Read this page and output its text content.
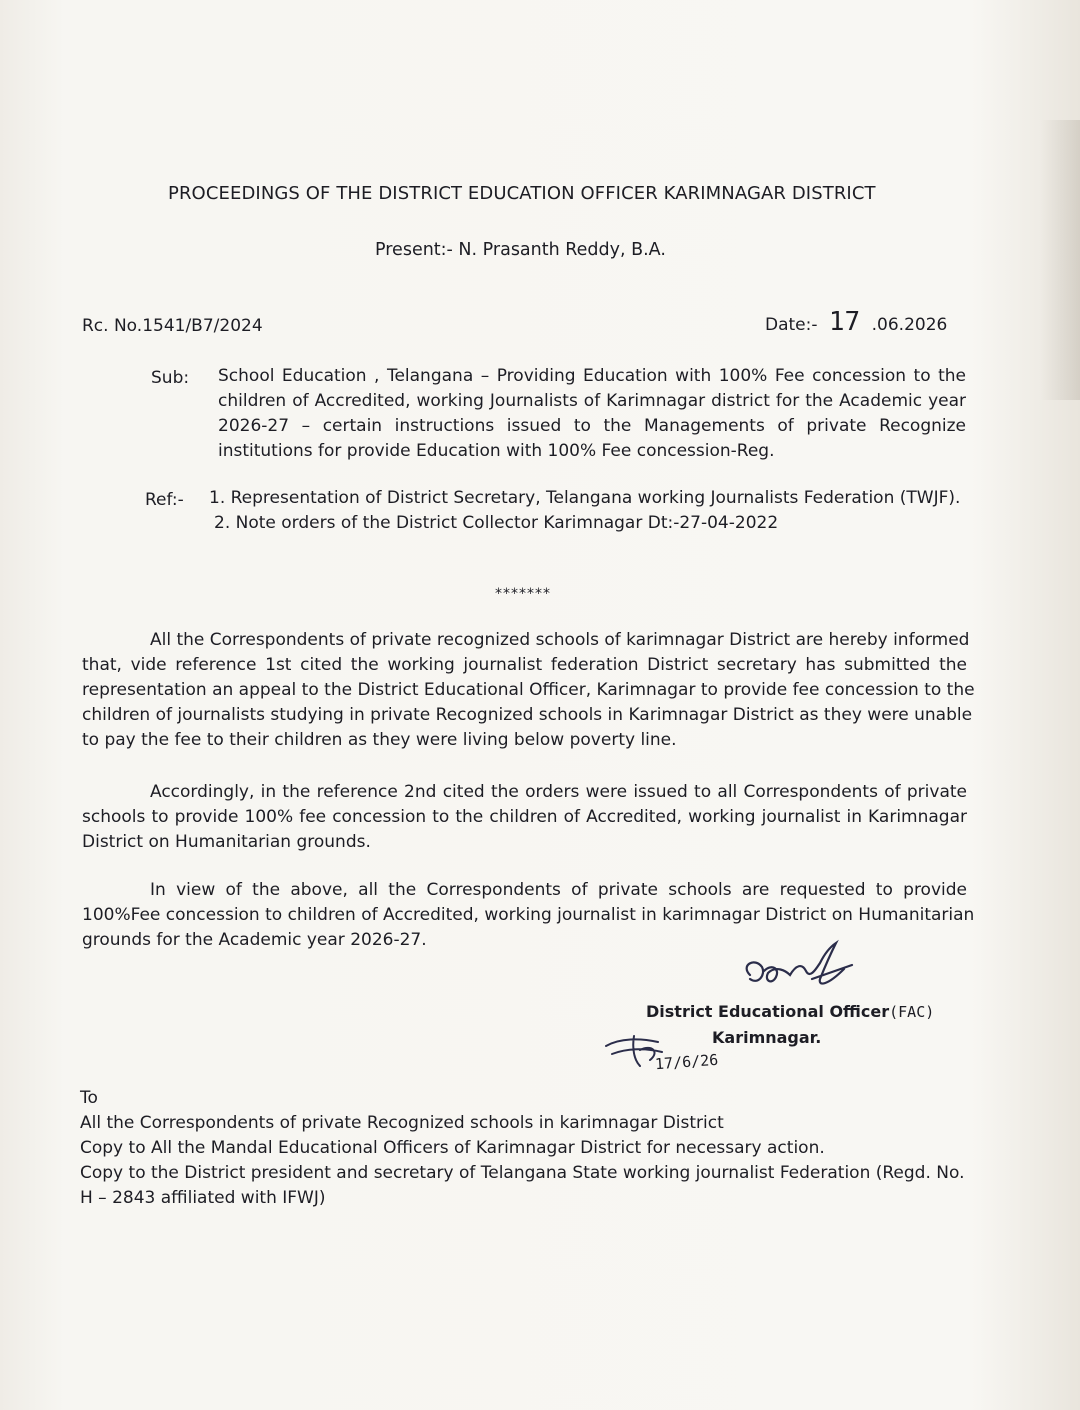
PROCEEDINGS OF THE DISTRICT EDUCATION OFFICER KARIMNAGAR DISTRICT
Present:- N. Prasanth Reddy, B.A.
Rc. No.1541/B7/2024	Date:- 17 .06.2026
Sub: School Education , Telangana – Providing Education with 100% Fee concession to the
children of Accredited, working Journalists of Karimnagar district for the Academic year
2026-27 – certain instructions issued to the Managements of private Recognize
institutions for provide Education with 100% Fee concession-Reg.
Ref:- 1. Representation of District Secretary, Telangana working Journalists Federation (TWJF).
2. Note orders of the District Collector Karimnagar Dt:-27-04-2022
*******
All the Correspondents of private recognized schools of karimnagar District are hereby informed
that, vide reference 1st cited the working journalist federation District secretary has submitted the
representation an appeal to the District Educational Officer, Karimnagar to provide fee concession to the
children of journalists studying in private Recognized schools in Karimnagar District as they were unable
to pay the fee to their children as they were living below poverty line.
Accordingly, in the reference 2nd cited the orders were issued to all Correspondents of private
schools to provide 100% fee concession to the children of Accredited, working journalist in Karimnagar
District on Humanitarian grounds.
In view of the above, all the Correspondents of private schools are requested to provide
100%Fee concession to children of Accredited, working journalist in karimnagar District on Humanitarian
grounds for the Academic year 2026-27.
District Educational Officer(FAC)
Karimnagar.
17/6/26
To
All the Correspondents of private Recognized schools in karimnagar District
Copy to All the Mandal Educational Officers of Karimnagar District for necessary action.
Copy to the District president and secretary of Telangana State working journalist Federation (Regd. No.
H – 2843 affiliated with IFWJ)
